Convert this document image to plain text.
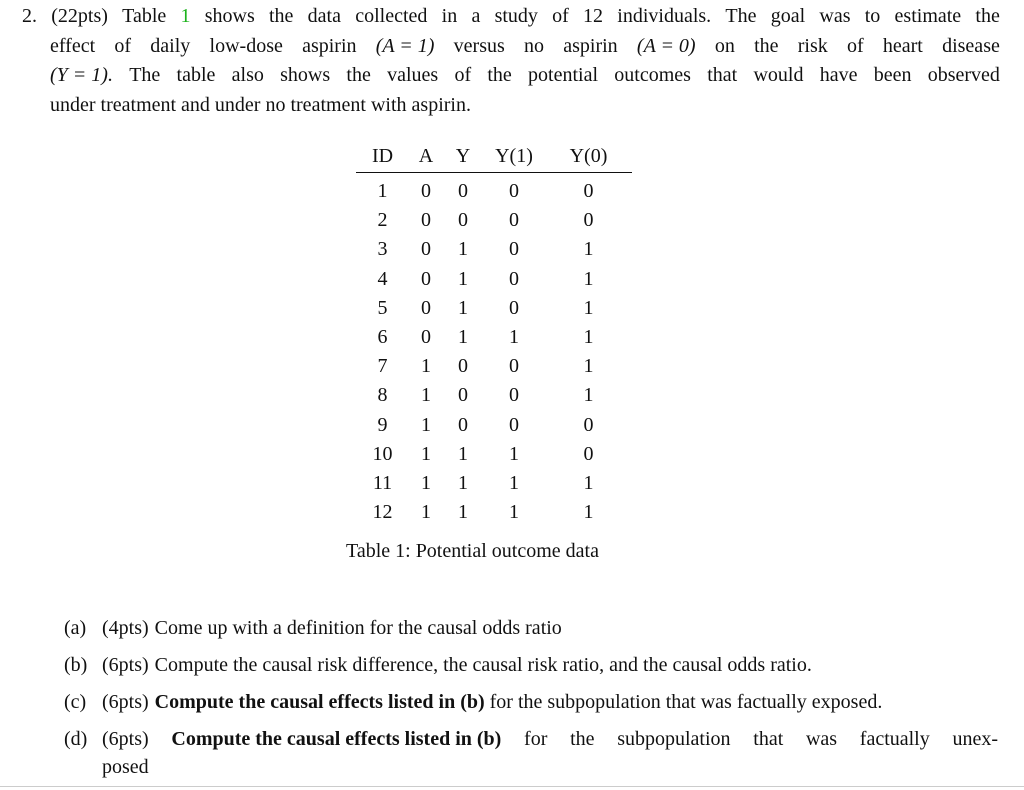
2. (22pts) Table 1 shows the data collected in a study of 12 individuals. The goal was to estimate the
effect of daily low-dose aspirin (A = 1) versus no aspirin (A = 0) on the risk of heart disease
(Y = 1). The table also shows the values of the potential outcomes that would have been observed
under treatment and under no treatment with aspirin.
ID	A	Y	Y(1)	Y(0)
1	0	0	0	0
2	0	0	0	0
3	0	1	0	1
4	0	1	0	1
5	0	1	0	1
6	0	1	1	1
7	1	0	0	1
8	1	0	0	1
9	1	0	0	0
10	1	1	1	0
11	1	1	1	1
12	1	1	1	1
Table 1: Potential outcome data
(a) (4pts) Come up with a definition for the causal odds ratio
(b) (6pts) Compute the causal risk difference, the causal risk ratio, and the causal odds ratio.
(c) (6pts) Compute the causal effects listed in (b) for the subpopulation that was factually exposed.
(d) (6pts) Compute the causal effects listed in (b) for the subpopulation that was factually unex-
posed
